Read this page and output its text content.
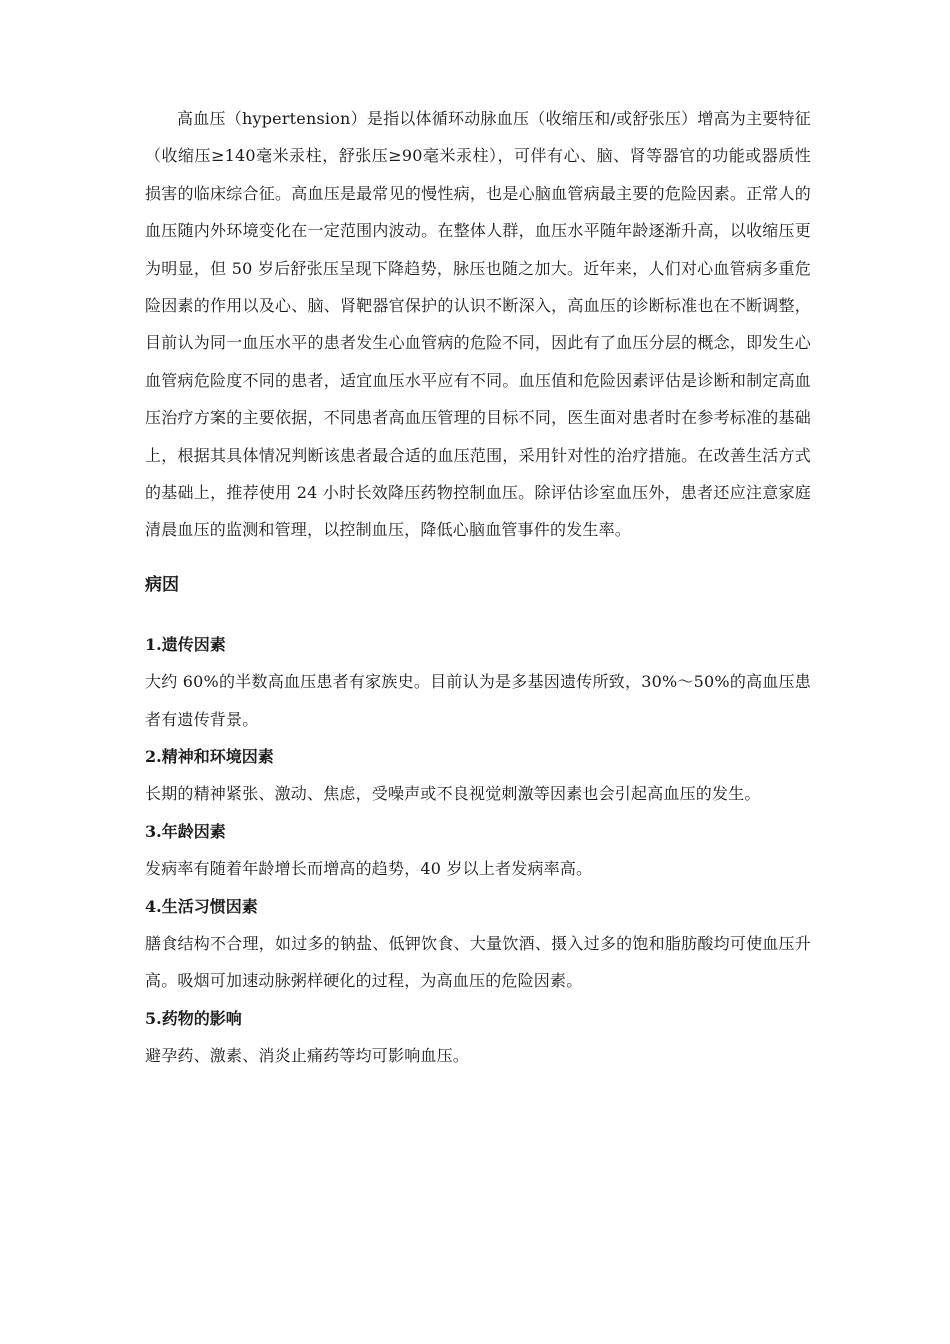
高血压（hypertension）是指以体循环动脉血压（收缩压和/或舒张压）增高为主要特征（收缩压≥140毫米汞柱，舒张压≥90毫米汞柱），可伴有心、脑、肾等器官的功能或器质性损害的临床综合征。高血压是最常见的慢性病，也是心脑血管病最主要的危险因素。正常人的血压随内外环境变化在一定范围内波动。在整体人群，血压水平随年龄逐渐升高，以收缩压更为明显，但 50 岁后舒张压呈现下降趋势，脉压也随之加大。近年来，人们对心血管病多重危险因素的作用以及心、脑、肾靶器官保护的认识不断深入，高血压的诊断标准也在不断调整，目前认为同一血压水平的患者发生心血管病的危险不同，因此有了血压分层的概念，即发生心血管病危险度不同的患者，适宜血压水平应有不同。血压值和危险因素评估是诊断和制定高血压治疗方案的主要依据，不同患者高血压管理的目标不同，医生面对患者时在参考标准的基础上，根据其具体情况判断该患者最合适的血压范围，采用针对性的治疗措施。在改善生活方式的基础上，推荐使用 24 小时长效降压药物控制血压。除评估诊室血压外，患者还应注意家庭清晨血压的监测和管理，以控制血压，降低心脑血管事件的发生率。

病因
1.遗传因素

大约 60%的半数高血压患者有家族史。目前认为是多基因遗传所致，30%～50%的高血压患者有遗传背景。

2.精神和环境因素

长期的精神紧张、激动、焦虑，受噪声或不良视觉刺激等因素也会引起高血压的发生。

3.年龄因素

发病率有随着年龄增长而增高的趋势，40 岁以上者发病率高。

4.生活习惯因素

膳食结构不合理，如过多的钠盐、低钾饮食、大量饮酒、摄入过多的饱和脂肪酸均可使血压升高。吸烟可加速动脉粥样硬化的过程，为高血压的危险因素。

5.药物的影响

避孕药、激素、消炎止痛药等均可影响血压。
